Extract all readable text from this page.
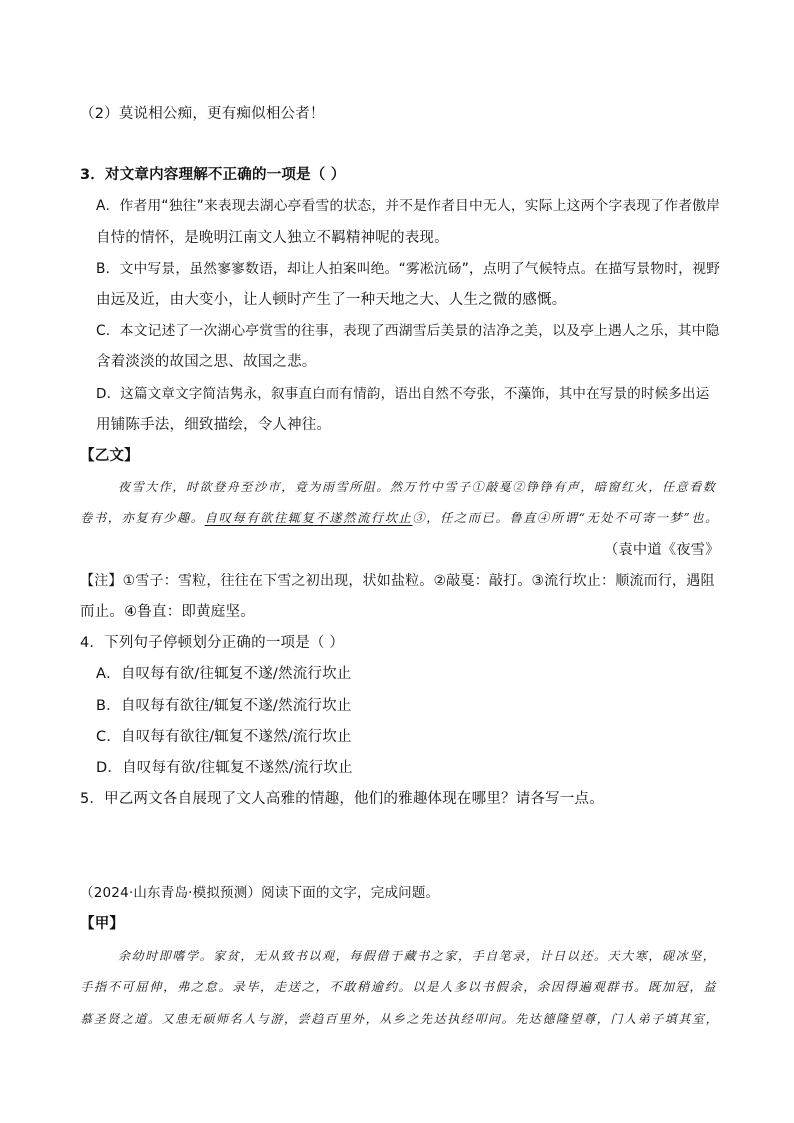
（2）莫说相公痴，更有痴似相公者！
3．对文章内容理解不正确的一项是（ ）
A．作者用“独往”来表现去湖心亭看雪的状态，并不是作者目中无人，实际上这两个字表现了作者傲岸
自恃的情怀，是晚明江南文人独立不羁精神呢的表现。
B．文中写景，虽然寥寥数语，却让人拍案叫绝。“雾凇沆砀”，点明了气候特点。在描写景物时，视野
由远及近，由大变小，让人顿时产生了一种天地之大、人生之微的感慨。
C．本文记述了一次湖心亭赏雪的往事，表现了西湖雪后美景的洁净之美，以及亭上遇人之乐，其中隐
含着淡淡的故国之思、故国之悲。
D．这篇文章文字简洁隽永，叙事直白而有情韵，语出自然不夸张，不藻饰，其中在写景的时候多出运
用铺陈手法，细致描绘，令人神往。
【乙文】
夜雪大作，时欲登舟至沙市，竟为雨雪所阻。然万竹中雪子①敲戛②铮铮有声，暗窗红火，任意看数
卷书，亦复有少趣。自叹每有欲往辄复不遂然流行坎止③，任之而已。鲁直④所谓“无处不可寄一梦”也。
（袁中道《夜雪》
【注】①雪子：雪粒，往往在下雪之初出现，状如盐粒。②敲戛：敲打。③流行坎止：顺流而行，遇阻
而止。④鲁直：即黄庭坚。
4．下列句子停顿划分正确的一项是（ ）
A．自叹每有欲/往辄复不遂/然流行坎止
B．自叹每有欲往/辄复不遂/然流行坎止
C．自叹每有欲往/辄复不遂然/流行坎止
D．自叹每有欲/往辄复不遂然/流行坎止
5．甲乙两文各自展现了文人高雅的情趣，他们的雅趣体现在哪里？请各写一点。
（2024·山东青岛·模拟预测）阅读下面的文字，完成问题。
【甲】
余幼时即嗜学。家贫，无从致书以观，每假借于藏书之家，手自笔录，计日以还。天大寒，砚冰坚，
手指不可屈伸，弗之怠。录毕，走送之，不敢稍逾约。以是人多以书假余，余因得遍观群书。既加冠，益
慕圣贤之道。又患无硕师名人与游，尝趋百里外，从乡之先达执经叩问。先达德隆望尊，门人弟子填其室，
